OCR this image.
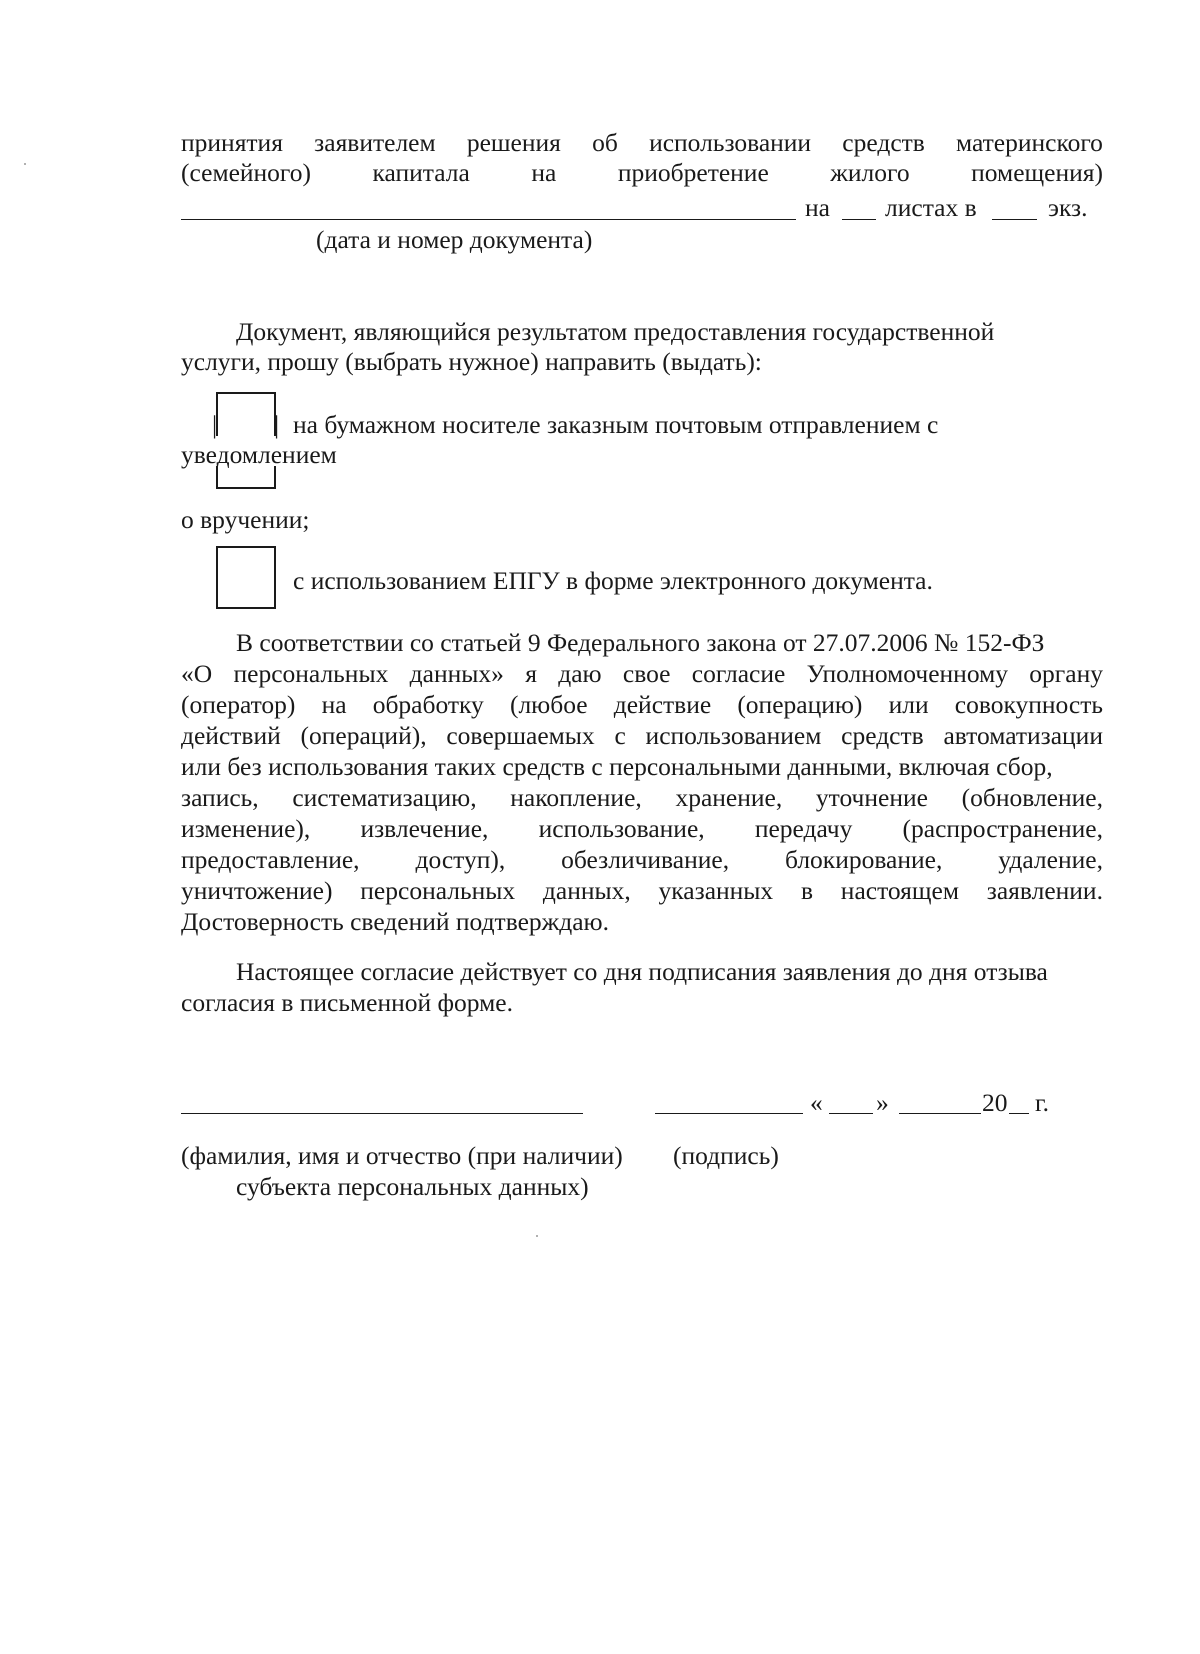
принятия заявителем решения об использовании средств материнского
(семейного) капитала на приобретение жилого помещения)
на листах в	экз.
(дата и номер документа)
Документ, являющийся результатом предоставления государственной
услуги, прошу (выбрать нужное) направить (выдать):
|
|	на бумажном носителе заказным почтовым отправлением с
уведомлением
о вручении;
с использованием ЕПГУ в форме электронного документа.
В соответствии со статьей 9 Федерального закона от 27.07.2006 № 152-ФЗ
«О персональных данных» я даю свое согласие Уполномоченному органу
(оператор) на обработку (любое действие (операцию) или совокупность
действий (операций), совершаемых с использованием средств автоматизации
или без использования таких средств с персональными данными, включая сбор,
запись, систематизацию, накопление, хранение, уточнение (обновление,
изменение), извлечение, использование, передачу (распространение,
предоставление, доступ), обезличивание, блокирование, удаление,
уничтожение) персональных данных, указанных в настоящем заявлении.
Достоверность сведений подтверждаю.
Настоящее согласие действует со дня подписания заявления до дня отзыва
согласия в письменной форме.
« »	20 г.
(фамилия, имя и отчество (при наличии) (подпись)
субъекта персональных данных)
